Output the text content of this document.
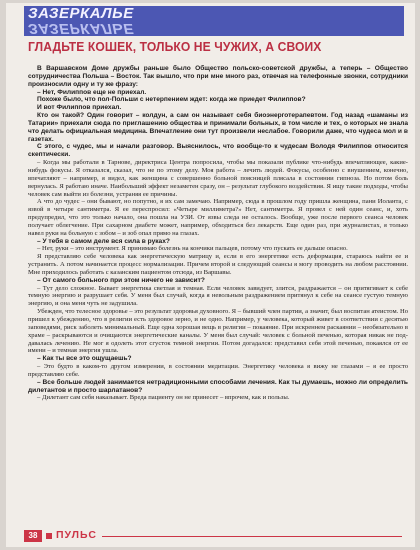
ЗАЗЕРКАЛЬЕ
ЗАЗЕРКАЛЬЕ
ГЛАДЬТЕ КОШЕК, ТОЛЬКО НЕ ЧУЖИХ, А СВОИХ

В Варшавском Доме дружбы раньше было Общество польско-советской дружбы, а теперь – Общество сотрудничества Польша – Восток. Так вышло, что при мне много раз, отвечая на телефонные звонки, сотрудники произносили одну и ту же фразу:

– Нет, Филиппов еще не приехал.

Похоже было, что пол-Польши с нетерпением ждет: когда же приедет Филиппов?

И вот Филиппов приехал.

Кто он такой? Один говорит – колдун, а сам он называет себя биоэнерготерапевтом. Год назад «шаманы из Татарии» приехали сюда по приглашению общества и принимали больных, в том числе и тех, о которых не знала что делать официальная медицина. Впечатление они тут произвели неслабое. Говорили даже, что чудеса мол и в газетах.

С этого, с чудес, мы и начали разговор. Выяснилось, что вообще-то к чудесам Володя Филиппов относится скептически.

– Когда мы работали в Тарнове, директриса Центра попросила, чтобы мы показали публике что-нибудь впечатляющее, какие-нибудь фокусы. Я отказался, сказал, что не по этому делу. Моя работа – лечить людей. Фокусы, особенно с внушением, конечно, впечатляют – например, я видел, как женщина с совершенно больной поясницей плясала в состоянии гипноза. Но потом боль вернулась. Я работаю иначе. Наибольший эффект незаметен сразу, он – результат глубокого воздействия. Я ищу такие подходы, чтобы человек сам выйти из болезни, устраняя ее причины.

А что до чудес – они бывают, но попутно, я их сам замечаю. Например, сюда в прошлом году пришла женщина, пани Иоланта, с язвой в четыре сантиметра. Я ее переспросил: «Четыре миллиметра?» Нет, сантиметра. Я провел с ней один сеанс, и, хоть предупредил, что это только начало, она пошла на УЗИ. От язвы следа не осталось. Вообще, уже после первого сеанса человек получает облегчение. При сахарном диабете может, например, обходиться без лекарств. Еще один раз, при журналистах, я только навел руки на больную с зобом – и зоб опал прямо на глазах.

– У тебя в самом деле вся сила в руках?

– Нет, руки – это инструмент. Я принимаю болезнь на кончики пальцев, потому что пускать ее дальше опасно.

Я представляю себе человека как энергетическую матрицу и, если в его энергетике есть деформация, стараюсь найти ее и устранить. А потом начинается процесс нормализации. Причем второй и следующий сеансы я могу проводить на любом расстоянии. Мне приходилось работать с казанским пациентом отсюда, из Варшавы.

– От самого больного при этом ничего не зависит?

– Тут дело сложное. Бывает энергетика светлая и темная. Если человек завидует, злится, раздражается – он притягивает к себе темную энергию и разрушает себя. У меня был случай, когда я невольным раздражением притянул к себе на сеансе густую темную энергию, и она меня чуть не задушила.

Убежден, что телесное здоровье – это результат здоровья духовного. Я – бывший член партии, а значит, был воспитан атеистом. Но пришел к убеждению, что в религии есть здоровое зерно, и не одно. Например, у человека, который живет в соответствии с десятью заповедями, риск заболеть минимальный. Еще одна хорошая вещь в религии – покаяние. При искреннем раскаянии – необязательно в храме – раскрываются и очищаются энергетические каналы. У меня был случай: человек с больной печенью, которая никак не поддавалась лечению. Не мог я одолеть этот сгусток темной энергии. Потом догадался: представил себя этой печенью, покаялся от ее имени – и темная энергия ушла.

– Как ты все это ощущаешь?

– Это будто в каком-то другом измерении, в состоянии медитации. Энергетику человека я вижу не глазами – я ее просто представляю себе.

– Все больше людей занимается нетрадиционными способами лечения. Как ты думаешь, можно ли определить дилетантов и просто шарлатанов?

– Дилетант сам себя наказывает. Вреда пациенту он не принесет – впрочем, как и пользы.

38	ПУЛЬС
